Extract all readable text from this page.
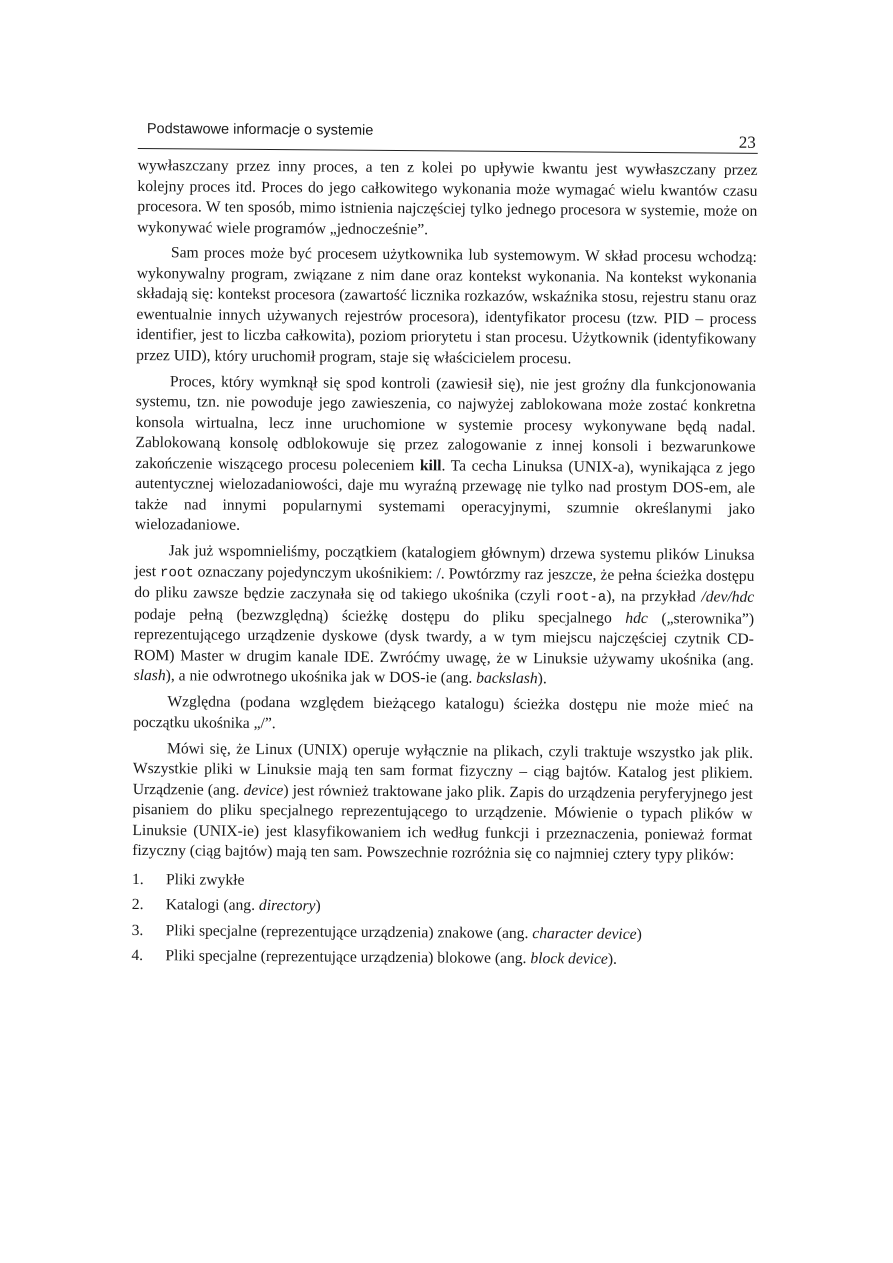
Podstawowe informacje o systemie
23

wywłaszczany przez inny proces, a ten z kolei po upływie kwantu jest wywłaszczany przez kolejny proces itd. Proces do jego całkowitego wykonania może wymagać wielu kwantów czasu procesora. W ten sposób, mimo istnienia najczęściej tylko jednego procesora w systemie, może on wykonywać wiele programów „jednocześnie”.

Sam proces może być procesem użytkownika lub systemowym. W skład procesu wchodzą: wykonywalny program, związane z nim dane oraz kontekst wykonania. Na kontekst wykonania składają się: kontekst procesora (zawartość licznika rozkazów, wskaźnika stosu, rejestru stanu oraz ewentualnie innych używanych rejestrów procesora), identyfikator procesu (tzw. PID – process identifier, jest to liczba całkowita), poziom priorytetu i stan procesu. Użytkownik (identyfikowany przez UID), który uruchomił program, staje się właścicielem procesu.

Proces, który wymknął się spod kontroli (zawiesił się), nie jest groźny dla funkcjonowania systemu, tzn. nie powoduje jego zawieszenia, co najwyżej zablokowana może zostać konkretna konsola wirtualna, lecz inne uruchomione w systemie procesy wykonywane będą nadal. Zablokowaną konsolę odblokowuje się przez zalogowanie z innej konsoli i bezwarunkowe zakończenie wiszącego procesu poleceniem kill. Ta cecha Linuksa (UNIX-a), wynikająca z jego autentycznej wielozadaniowości, daje mu wyraźną przewagę nie tylko nad prostym DOS-em, ale także nad innymi popularnymi systemami operacyjnymi, szumnie określanymi jako wielozadaniowe.

Jak już wspomnieliśmy, początkiem (katalogiem głównym) drzewa systemu plików Linuksa jest root oznaczany pojedynczym ukośnikiem: /. Powtórzmy raz jeszcze, że pełna ścieżka dostępu do pliku zawsze będzie zaczynała się od takiego ukośnika (czyli root-a), na przykład /dev/hdc podaje pełną (bezwzględną) ścieżkę dostępu do pliku specjalnego hdc („sterownika”) reprezentującego urządzenie dyskowe (dysk twardy, a w tym miejscu najczęściej czytnik CD-ROM) Master w drugim kanale IDE. Zwróćmy uwagę, że w Linuksie używamy ukośnika (ang. slash), a nie odwrotnego ukośnika jak w DOS-ie (ang. backslash).

Względna (podana względem bieżącego katalogu) ścieżka dostępu nie może mieć na początku ukośnika „/”.

Mówi się, że Linux (UNIX) operuje wyłącznie na plikach, czyli traktuje wszystko jak plik. Wszystkie pliki w Linuksie mają ten sam format fizyczny – ciąg bajtów. Katalog jest plikiem. Urządzenie (ang. device) jest również traktowane jako plik. Zapis do urządzenia peryferyjnego jest pisaniem do pliku specjalnego reprezentującego to urządzenie. Mówienie o typach plików w Linuksie (UNIX-ie) jest klasyfikowaniem ich według funkcji i przeznaczenia, ponieważ format fizyczny (ciąg bajtów) mają ten sam. Powszechnie rozróżnia się co najmniej cztery typy plików:

1. Pliki zwykłe
2. Katalogi (ang. directory)
3. Pliki specjalne (reprezentujące urządzenia) znakowe (ang. character device)
4. Pliki specjalne (reprezentujące urządzenia) blokowe (ang. block device).
